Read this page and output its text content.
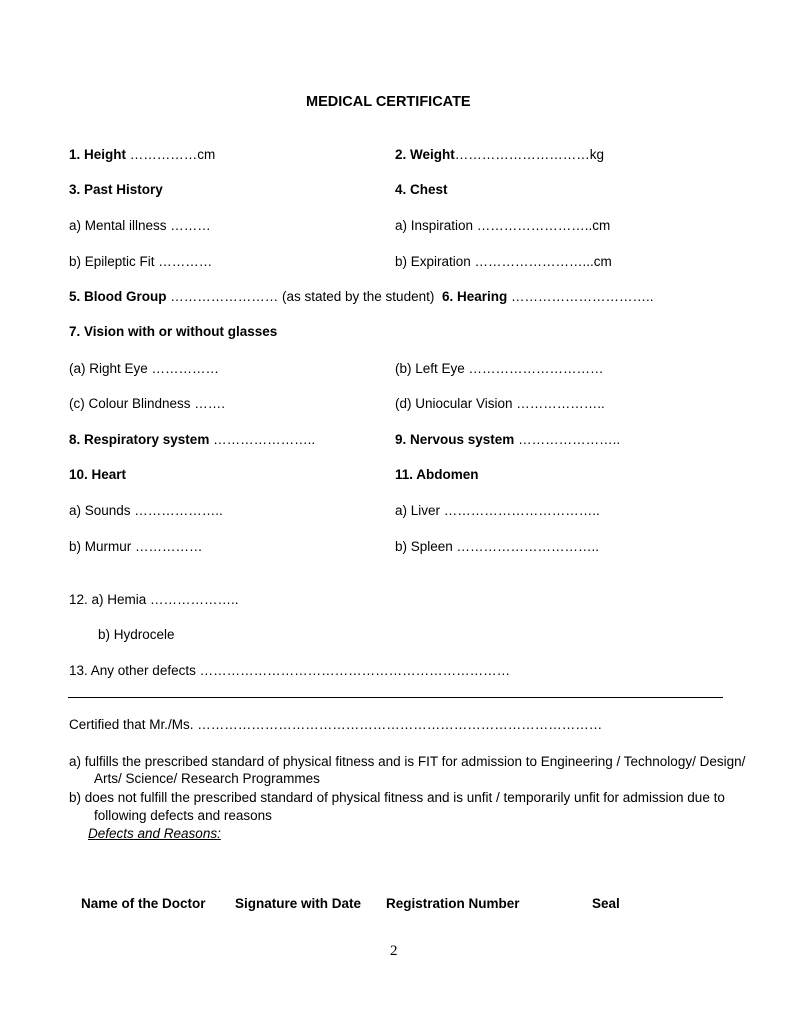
MEDICAL CERTIFICATE
1. Height ……………cm	2. Weight…………………………kg
3. Past History	4. Chest
a) Mental illness ………	a) Inspiration ……………………..cm
b) Epileptic Fit …………	b) Expiration ……………………...cm
5. Blood Group …………………… (as stated by the student) 6. Hearing …………………………..
7. Vision with or without glasses
(a) Right Eye ……………	(b) Left Eye …………………………
(c) Colour Blindness …….	(d) Uniocular Vision ………………..
8. Respiratory system …………………..	9. Nervous system …………………..
10. Heart	11. Abdomen
a) Sounds ………………..	a) Liver ……………………………..
b) Murmur ……………	b) Spleen …………………………..
12. a) Hemia ………………..
b) Hydrocele
13. Any other defects ……………………………………………………………
Certified that Mr./Ms. ………………………………………………………………………………
a) fulfills the prescribed standard of physical fitness and is FIT for admission to Engineering / Technology/ Design/
Arts/ Science/ Research Programmes
b) does not fulfill the prescribed standard of physical fitness and is unfit / temporarily unfit for admission due to
following defects and reasons
Defects and Reasons:
Name of the Doctor Signature with Date Registration Number	Seal
2
